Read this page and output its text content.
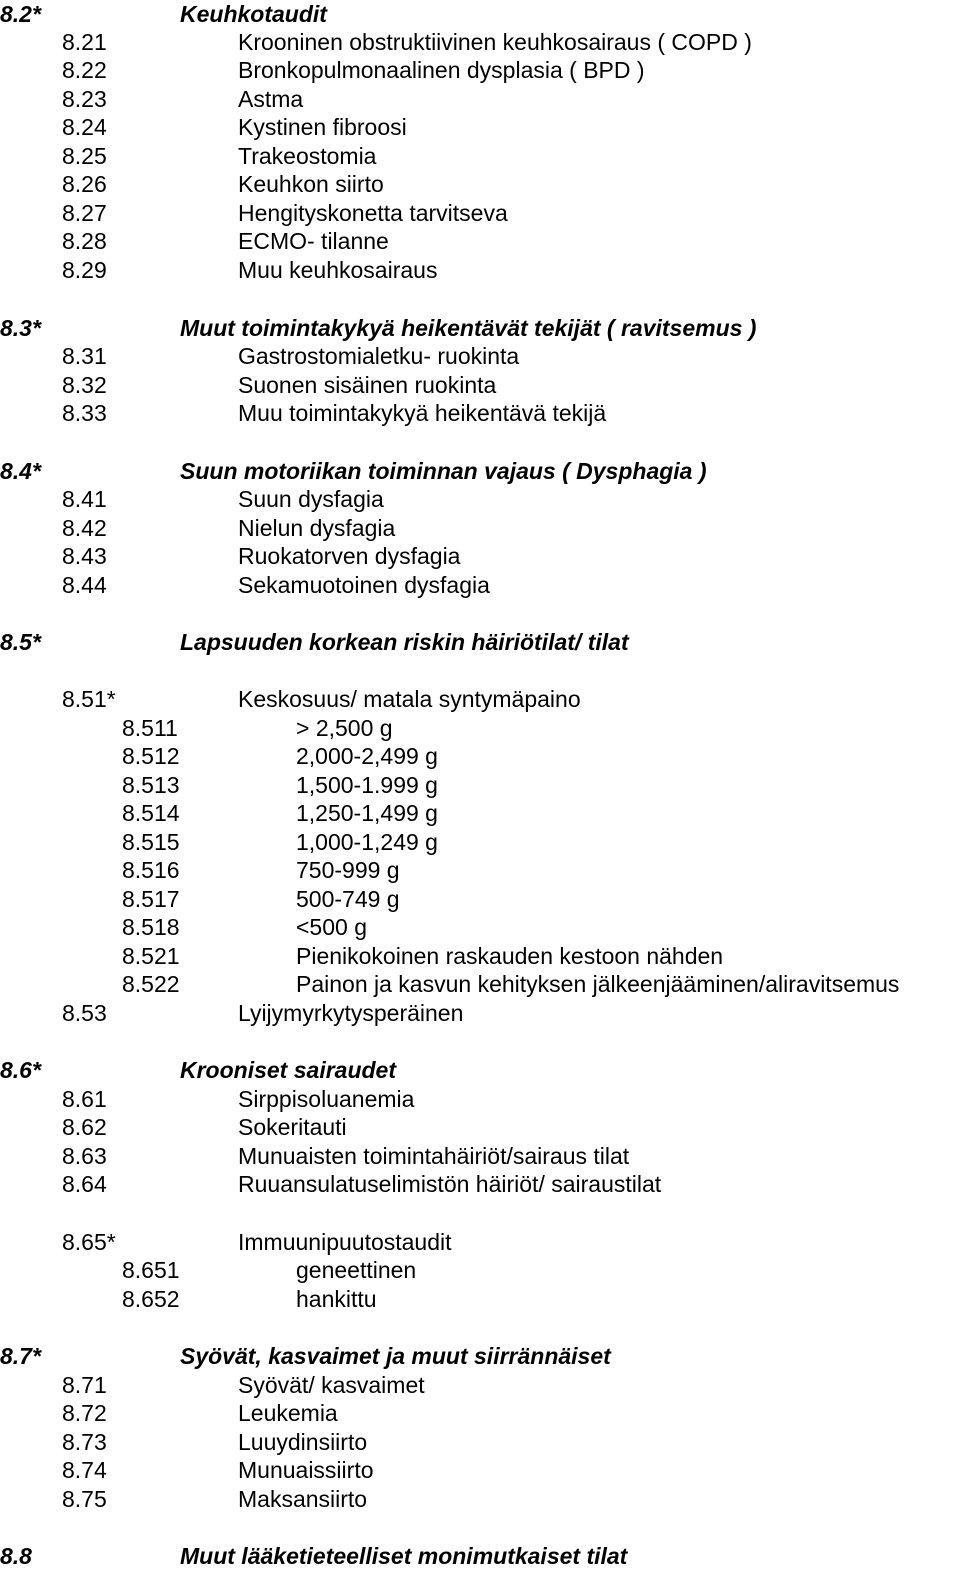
8.2*	Keuhkotaudit
8.21	Krooninen obstruktiivinen keuhkosairaus ( COPD )
8.22	Bronkopulmonaalinen dysplasia ( BPD )
8.23	Astma
8.24	Kystinen fibroosi
8.25	Trakeostomia
8.26	Keuhkon siirto
8.27	Hengityskonetta tarvitseva
8.28	ECMO- tilanne
8.29	Muu keuhkosairaus
8.3*	Muut toimintakykyä heikentävät tekijät ( ravitsemus )
8.31	Gastrostomialetku- ruokinta
8.32	Suonen sisäinen ruokinta
8.33	Muu toimintakykyä heikentävä tekijä
8.4*	Suun motoriikan toiminnan vajaus ( Dysphagia )
8.41	Suun dysfagia
8.42	Nielun dysfagia
8.43	Ruokatorven dysfagia
8.44	Sekamuotoinen dysfagia
8.5*	Lapsuuden korkean riskin häiriötilat/ tilat
8.51*	Keskosuus/ matala syntymäpaino
8.511	> 2,500 g
8.512	2,000-2,499 g
8.513	1,500-1.999 g
8.514	1,250-1,499 g
8.515	1,000-1,249 g
8.516	750-999 g
8.517	500-749 g
8.518	<500 g
8.521	Pienikokoinen raskauden kestoon nähden
8.522	Painon ja kasvun kehityksen jälkeenjääminen/aliravitsemus
8.53	Lyijymyrkytysperäinen
8.6*	Krooniset sairaudet
8.61	Sirppisoluanemia
8.62	Sokeritauti
8.63	Munuaisten toimintahäiriöt/sairaus tilat
8.64	Ruuansulatuselimistön häiriöt/ sairaustilat
8.65*	Immuunipuutostaudit
8.651	geneettinen
8.652	hankittu
8.7*	Syövät, kasvaimet ja muut siirrännäiset
8.71	Syövät/ kasvaimet
8.72	Leukemia
8.73	Luuydinsiirto
8.74	Munuaissiirto
8.75	Maksansiirto
8.8	Muut lääketieteelliset monimutkaiset tilat
